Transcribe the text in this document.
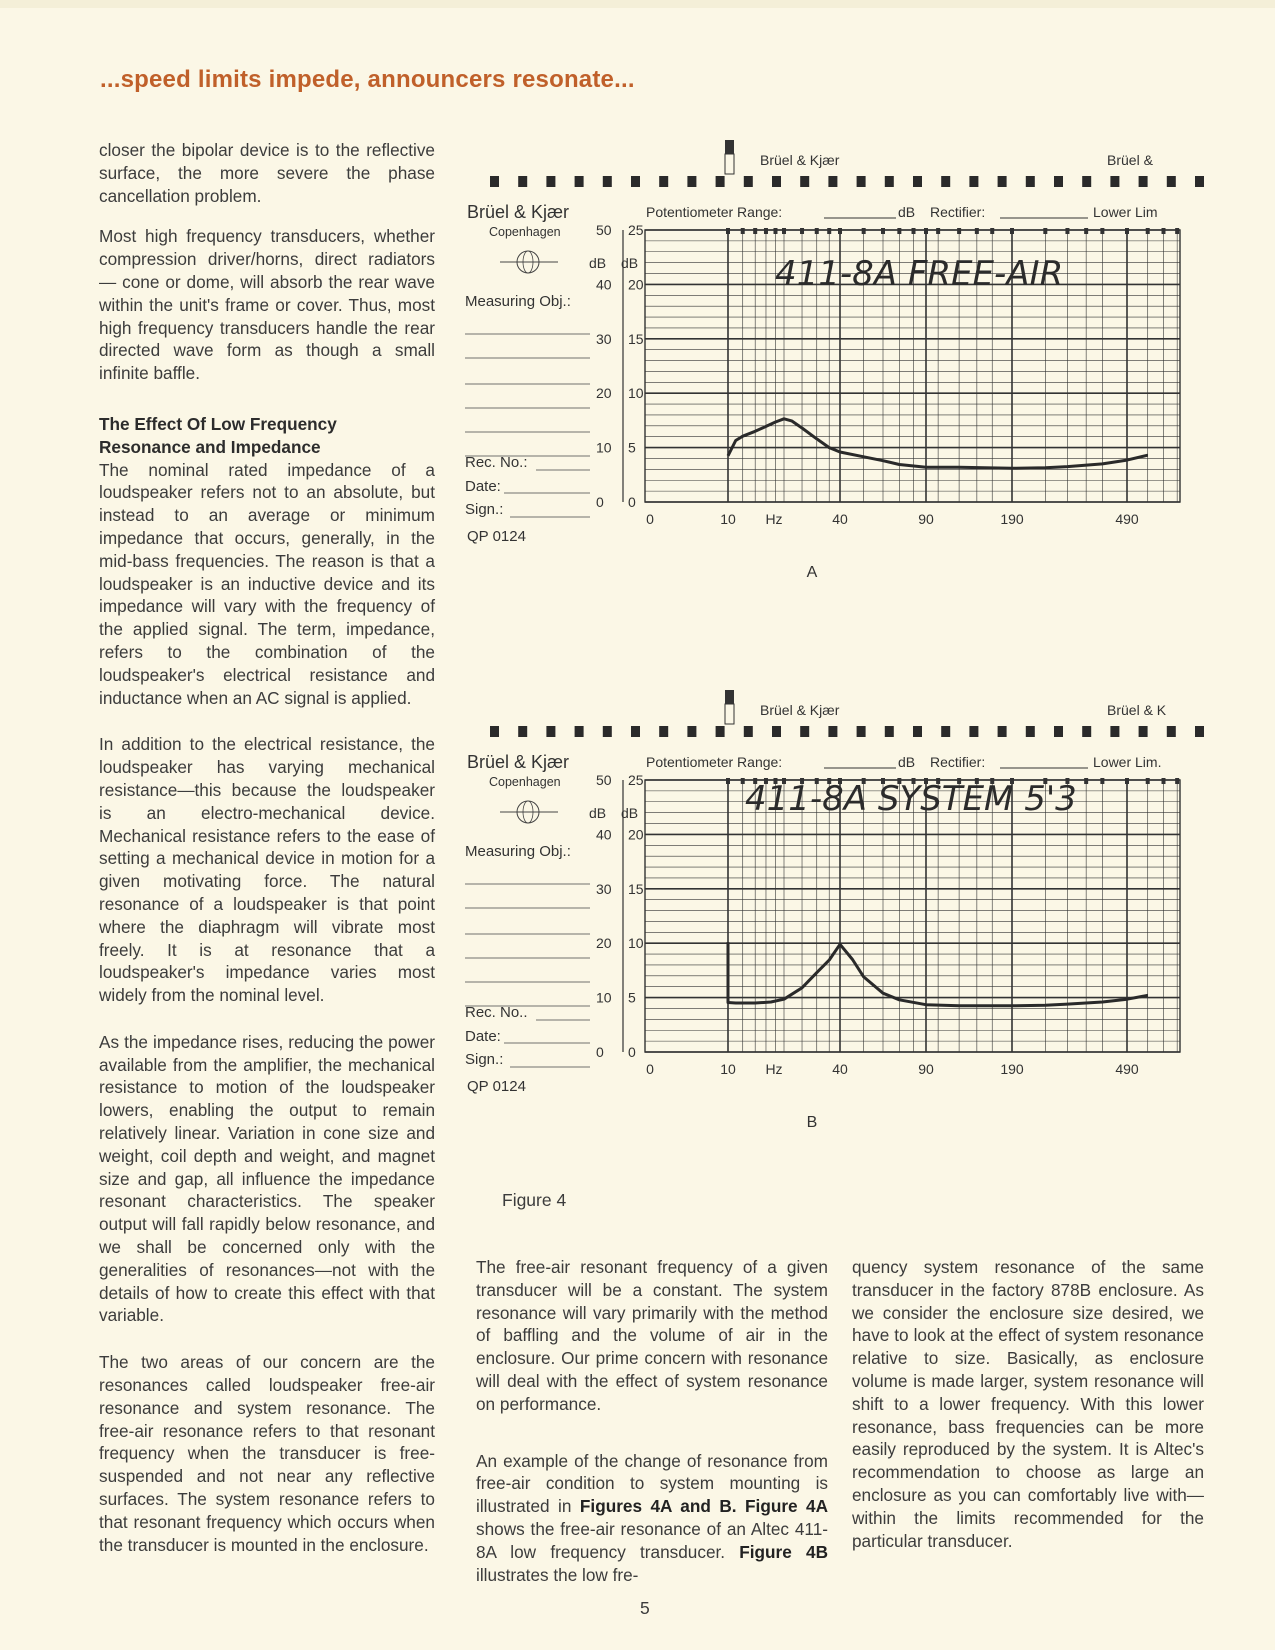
...speed limits impede, announcers resonate...

closer the bipolar device is to the reflective surface, the more severe the phase cancellation problem.

Most high frequency transducers, whether compression driver/horns, direct radiators — cone or dome, will absorb the rear wave within the unit's frame or cover. Thus, most high frequency transducers handle the rear directed wave form as though a small infinite baffle.

The Effect Of Low Frequency
Resonance and Impedance

The nominal rated impedance of a loudspeaker refers not to an absolute, but instead to an average or minimum impedance that occurs, generally, in the mid-bass frequencies. The reason is that a loudspeaker is an inductive device and its impedance will vary with the frequency of the applied signal. The term, impedance, refers to the combination of the loudspeaker's electrical resistance and inductance when an AC signal is applied.

In addition to the electrical resistance, the loudspeaker has varying mechanical resistance—this because the loudspeaker is an electro-mechanical device. Mechanical resistance refers to the ease of setting a mechanical device in motion for a given motivating force. The natural resonance of a loudspeaker is that point where the diaphragm will vibrate most freely. It is at resonance that a loudspeaker's impedance varies most widely from the nominal level.

As the impedance rises, reducing the power available from the amplifier, the mechanical resistance to motion of the loudspeaker lowers, enabling the output to remain relatively linear. Variation in cone size and weight, coil depth and weight, and magnet size and gap, all influence the impedance resonant characteristics. The speaker output will fall rapidly below resonance, and we shall be concerned only with the generalities of resonances—not with the details of how to create this effect with that variable.

The two areas of our concern are the resonances called loudspeaker free-air resonance and system resonance. The free-air resonance refers to that resonant frequency when the transducer is free-suspended and not near any reflective surfaces. The system resonance refers to that resonant frequency which occurs when the transducer is mounted in the enclosure.

Brüel & Kjær	Brüel &
Brüel & Kjær
Copenhagen
Potentiometer Range:	dB Rectifier:	Lower Lim
dB dB
Measuring Obj.:
Rec. No.:
Date:
Sign.:
QP 0124
50 25
40 20
30 15
20 10
10 5
0 0
0	10 Hz	40	90	190	490
411-8A FREE-AIR
A
Brüel & Kjær	Brüel & K
Brüel & Kjær
Copenhagen
Potentiometer Range:	dB Rectifier:	Lower Lim.
dB dB
Measuring Obj.:
Rec. No..
Date:
Sign.:
QP 0124
50 25
40 20
30 15
20 10
10 5
0 0
0	10 Hz	40	90	190	490
411-8A SYSTEM 5'3
B
Figure 4

The free-air resonant frequency of a given transducer will be a constant. The system resonance will vary primarily with the method of baffling and the volume of air in the enclosure. Our prime concern with resonance will deal with the effect of system resonance on performance.

An example of the change of resonance from free-air condition to system mounting is illustrated in Figures 4A and B. Figure 4A shows the free-air resonance of an Altec 411-8A low frequency transducer. Figure 4B illustrates the low fre-

quency system resonance of the same transducer in the factory 878B enclosure. As we consider the enclosure size desired, we have to look at the effect of system resonance relative to size. Basically, as enclosure volume is made larger, system resonance will shift to a lower frequency. With this lower resonance, bass frequencies can be more easily reproduced by the system. It is Altec's recommendation to choose as large an enclosure as you can comfortably live with—within the limits recommended for the particular transducer.

5
